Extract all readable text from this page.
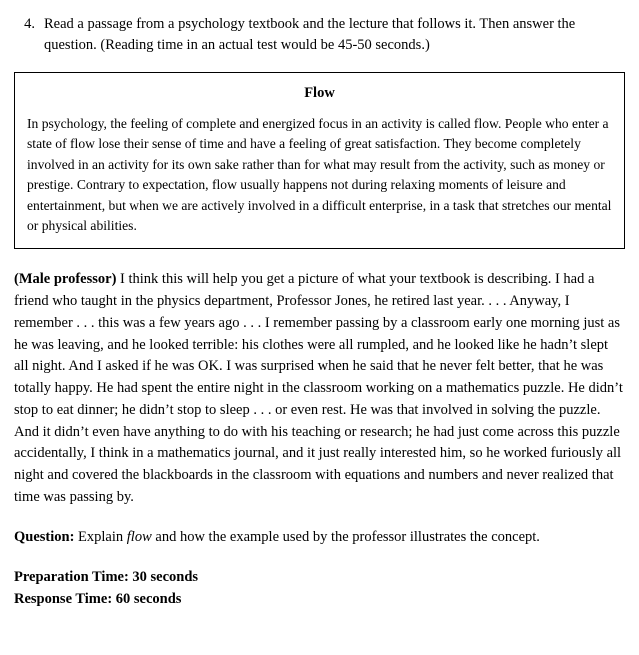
4. Read a passage from a psychology textbook and the lecture that follows it. Then answer the question. (Reading time in an actual test would be 45-50 seconds.)
Flow
In psychology, the feeling of complete and energized focus in an activity is called flow. People who enter a state of flow lose their sense of time and have a feeling of great satisfaction. They become completely involved in an activity for its own sake rather than for what may result from the activity, such as money or prestige. Contrary to expectation, flow usually happens not during relaxing moments of leisure and entertainment, but when we are actively involved in a difficult enterprise, in a task that stretches our mental or physical abilities.
(Male professor) I think this will help you get a picture of what your textbook is describing. I had a friend who taught in the physics department, Professor Jones, he retired last year. . . . Anyway, I remember . . . this was a few years ago . . . I remember passing by a classroom early one morning just as he was leaving, and he looked terrible: his clothes were all rumpled, and he looked like he hadn’t slept all night. And I asked if he was OK. I was surprised when he said that he never felt better, that he was totally happy. He had spent the entire night in the classroom working on a mathematics puzzle. He didn’t stop to eat dinner; he didn’t stop to sleep . . . or even rest. He was that involved in solving the puzzle. And it didn’t even have anything to do with his teaching or research; he had just come across this puzzle accidentally, I think in a mathematics journal, and it just really interested him, so he worked furiously all night and covered the blackboards in the classroom with equations and numbers and never realized that time was passing by.
Question: Explain flow and how the example used by the professor illustrates the concept.
Preparation Time: 30 seconds
Response Time: 60 seconds
